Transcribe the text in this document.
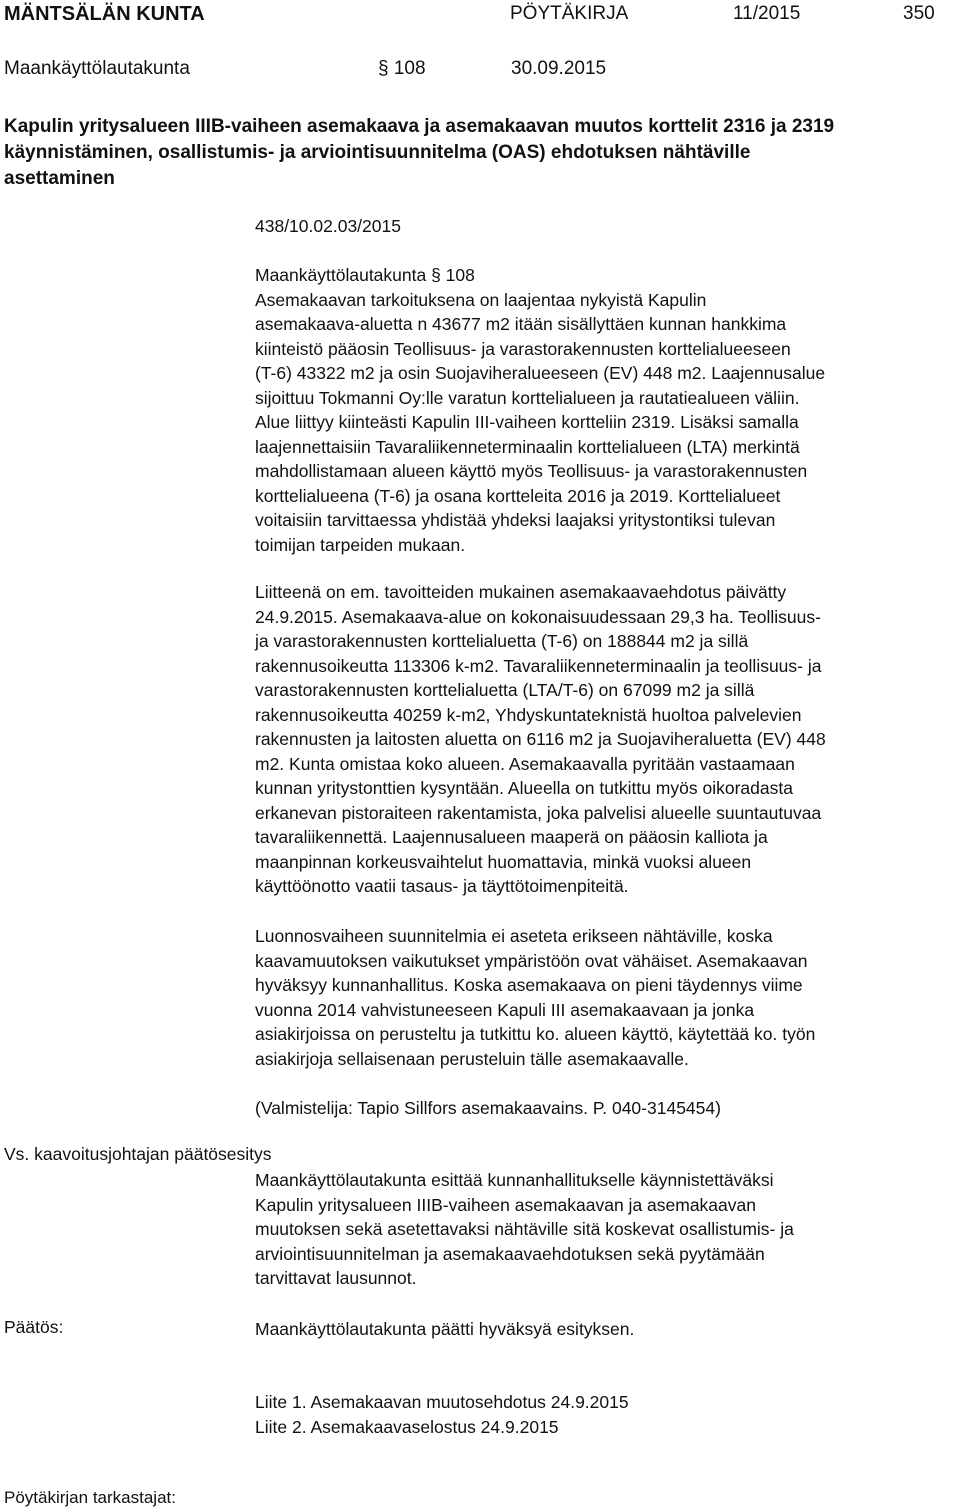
MÄNTSÄLÄN KUNTA	PÖYTÄKIRJA	11/2015	350
Maankäyttölautakunta	§ 108	30.09.2015
Kapulin yritysalueen IIIB-vaiheen asemakaava ja asemakaavan muutos korttelit 2316 ja 2319
käynnistäminen, osallistumis- ja arviointisuunnitelma (OAS) ehdotuksen nähtäville
asettaminen
438/10.02.03/2015
Maankäyttölautakunta § 108
Asemakaavan tarkoituksena on laajentaa nykyistä Kapulin
asemakaava-aluetta n 43677 m2 itään sisällyttäen kunnan hankkima
kiinteistö pääosin Teollisuus- ja varastorakennusten korttelialueeseen
(T-6) 43322 m2 ja osin Suojaviheralueeseen (EV) 448 m2. Laajennusalue
sijoittuu Tokmanni Oy:lle varatun korttelialueen ja rautatiealueen väliin.
Alue liittyy kiinteästi Kapulin III-vaiheen kortteliin 2319. Lisäksi samalla
laajennettaisiin Tavaraliikenneterminaalin korttelialueen (LTA) merkintä
mahdollistamaan alueen käyttö myös Teollisuus- ja varastorakennusten
korttelialueena (T-6) ja osana kortteleita 2016 ja 2019. Korttelialueet
voitaisiin tarvittaessa yhdistää yhdeksi laajaksi yritystontiksi tulevan
toimijan tarpeiden mukaan.
Liitteenä on em. tavoitteiden mukainen asemakaavaehdotus päivätty
24.9.2015. Asemakaava-alue on kokonaisuudessaan 29,3 ha. Teollisuus-
ja varastorakennusten korttelialuetta (T-6) on 188844 m2 ja sillä
rakennusoikeutta 113306 k-m2. Tavaraliikenneterminaalin ja teollisuus- ja
varastorakennusten korttelialuetta (LTA/T-6) on 67099 m2 ja sillä
rakennusoikeutta 40259 k-m2, Yhdyskuntateknistä huoltoa palvelevien
rakennusten ja laitosten aluetta on 6116 m2 ja Suojaviheraluetta (EV) 448
m2. Kunta omistaa koko alueen. Asemakaavalla pyritään vastaamaan
kunnan yritystonttien kysyntään. Alueella on tutkittu myös oikoradasta
erkanevan pistoraiteen rakentamista, joka palvelisi alueelle suuntautuvaa
tavaraliikennettä. Laajennusalueen maaperä on pääosin kalliota ja
maanpinnan korkeusvaihtelut huomattavia, minkä vuoksi alueen
käyttöönotto vaatii tasaus- ja täyttötoimenpiteitä.
Luonnosvaiheen suunnitelmia ei aseteta erikseen nähtäville, koska
kaavamuutoksen vaikutukset ympäristöön ovat vähäiset. Asemakaavan
hyväksyy kunnanhallitus. Koska asemakaava on pieni täydennys viime
vuonna 2014 vahvistuneeseen Kapuli III asemakaavaan ja jonka
asiakirjoissa on perusteltu ja tutkittu ko. alueen käyttö, käytettää ko. työn
asiakirjoja sellaisenaan perusteluin tälle asemakaavalle.
(Valmistelija: Tapio Sillfors asemakaavains. P. 040-3145454)
Vs. kaavoitusjohtajan päätösesitys
Maankäyttölautakunta esittää kunnanhallitukselle käynnistettäväksi
Kapulin yritysalueen IIIB-vaiheen asemakaavan ja asemakaavan
muutoksen sekä asetettavaksi nähtäville sitä koskevat osallistumis- ja
arviointisuunnitelman ja asemakaavaehdotuksen sekä pyytämään
tarvittavat lausunnot.
Päätös:	Maankäyttölautakunta päätti hyväksyä esityksen.
Liite 1. Asemakaavan muutosehdotus 24.9.2015
Liite 2. Asemakaavaselostus 24.9.2015
Pöytäkirjan tarkastajat:
